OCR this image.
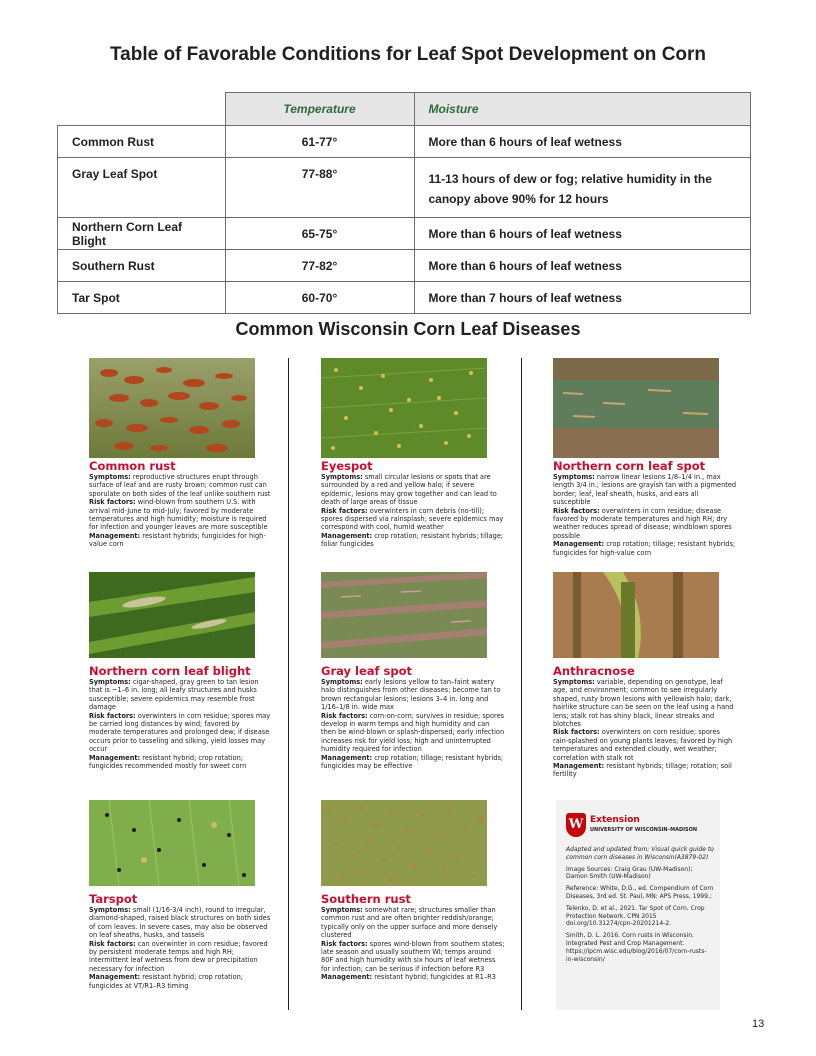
Table of Favorable Conditions for Leaf Spot Development on Corn
	Temperature	Moisture
Common Rust	61-77°	More than 6 hours of leaf wetness
Gray Leaf Spot	77-88°	11-13 hours of dew or fog; relative humidity in the canopy above 90% for 12 hours
Northern Corn Leaf Blight	65-75°	More than 6 hours of leaf wetness
Southern Rust	77-82°	More than 6 hours of leaf wetness
Tar Spot	60-70°	More than 7 hours of leaf wetness
Common Wisconsin Corn Leaf Diseases
Common rust
Symptoms: reproductive structures erupt through surface of leaf and are rusty brown; common rust can sporulate on both sides of the leaf unlike southern rust
Risk factors: wind-blown from southern U.S. with arrival mid-June to mid-July; favored by moderate temperatures and high humidity; moisture is required for infection and younger leaves are more susceptible
Management: resistant hybrids; fungicides for high-value corn
Eyespot
Symptoms: small circular lesions or spots that are surrounded by a red and yellow halo; if severe epidemic, lesions may grow together and can lead to death of large areas of tissue
Risk factors: overwinters in corn debris (no-till); spores dispersed via rainsplash; severe epidemics may correspond with cool, humid weather
Management: crop rotation; resistant hybrids; tillage; foliar fungicides
Northern corn leaf spot
Symptoms: narrow linear lesions 1/8–1/4 in., max length 3/4 in.; lesions are grayish tan with a pigmented border; leaf, leaf sheath, husks, and ears all susceptible
Risk factors: overwinters in corn residue; disease favored by moderate temperatures and high RH; dry weather reduces spread of disease; windblown spores possible
Management: crop rotation; tillage; resistant hybrids; fungicides for high-value corn
Northern corn leaf blight
Symptoms: cigar-shaped, gray green to tan lesion that is ~1–6 in. long; all leafy structures and husks susceptible; severe epidemics may resemble frost damage
Risk factors: overwinters in corn residue; spores may be carried long distances by wind; favored by moderate temperatures and prolonged dew; if disease occurs prior to tasseling and silking, yield losses may occur
Management: resistant hybrid; crop rotation; fungicides recommended mostly for sweet corn
Gray leaf spot
Symptoms: early lesions yellow to tan–faint watery halo distinguishes from other diseases; become tan to brown rectangular lesions; lesions 3–4 in. long and 1/16–1/8 in. wide max
Risk factors: corn-on-corn; survives in residue; spores develop in warm temps and high humidity and can then be wind-blown or splash-dispersed; early infection increases risk for yield loss; high and uninterrupted humidity required for infection
Management: crop rotation; tillage; resistant hybrids; fungicides may be effective
Anthracnose
Symptoms: variable, depending on genotype, leaf age, and environment; common to see irregularly shaped, rusty brown lesions with yellowish halo; dark, hairlike structure can be seen on the leaf using a hand lens; stalk rot has shiny black, linear streaks and blotches
Risk factors: overwinters on corn residue; spores rain-splashed on young plants leaves; favored by high temperatures and extended cloudy, wet weather; correlation with stalk rot
Management: resistant hybrids; tillage; rotation; soil fertility
Tarspot
Symptoms: small (1/16-3/4 inch), round to irregular, diamond-shaped, raised black structures on both sides of corn leaves. In severe cases, may also be observed on leaf sheaths, husks, and tassels
Risk factors: can overwinter in corn residue; favored by persistent moderate temps and high RH; intermittent leaf wetness from dew or precipitation necessary for infection
Management: resistant hybrid; crop rotation; fungicides at VT/R1–R3 timing
Southern rust
Symptoms: somewhat rare; structures smaller than common rust and are often brighter reddish/orange; typically only on the upper surface and more densely clustered
Risk factors: spores wind-blown from southern states; late season and usually southern WI; temps around 80F and high humidity with six hours of leaf wetness for infection; can be serious if infection before R3
Management: resistant hybrid; fungicides at R1–R3
W Extension
UNIVERSITY OF WISCONSIN–MADISON

Adapted and updated from: Visual quick guide to common corn diseases in Wisconsin(A3879-02)

Image Sources: Craig Grau (UW-Madison); Damon Smith (UW-Madison)

Reference: White, D.G., ed. Compendium of Corn Diseases, 3rd ed. St. Paul, MN: APS Press, 1999.;

Telenko, D. et al., 2021. Tar Spot of Corn. Crop Protection Network. CPN 2015 doi.org/10.31274/cpn-20201214-2.

Smith, D. L. 2016. Corn rusts in Wisconsin. Integrated Pest and Crop Management. https://ipcm.wisc.edu/blog/2016/07/corn-rusts-in-wisconsin/

13
